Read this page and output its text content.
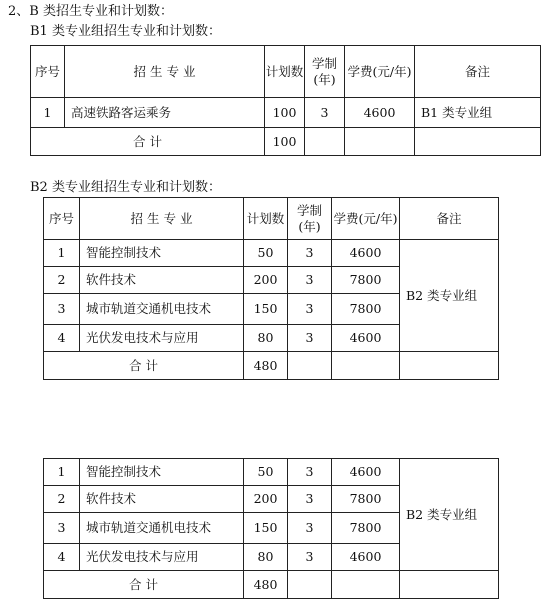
2、B 类招生专业和计划数：
B1 类专业组招生专业和计划数：
序号	招 生 专 业	计划数	学制(年)	学费(元/年)	备注
1	高速铁路客运乘务	100	3	4600	B1 类专业组
合 计		100			
B2 类专业组招生专业和计划数：
序号	招 生 专 业	计划数	学制(年)	学费(元/年)	备注
1	智能控制技术	50	3	4600	B2 类专业组
2	软件技术	200	3	7800	
3	城市轨道交通机电技术	150	3	7800	
4	光伏发电技术与应用	80	3	4600	
合 计		480			
1	智能控制技术	50	3	4600	B2 类专业组
2	软件技术	200	3	7800	
3	城市轨道交通机电技术	150	3	7800	
4	光伏发电技术与应用	80	3	4600	
合 计		480			
